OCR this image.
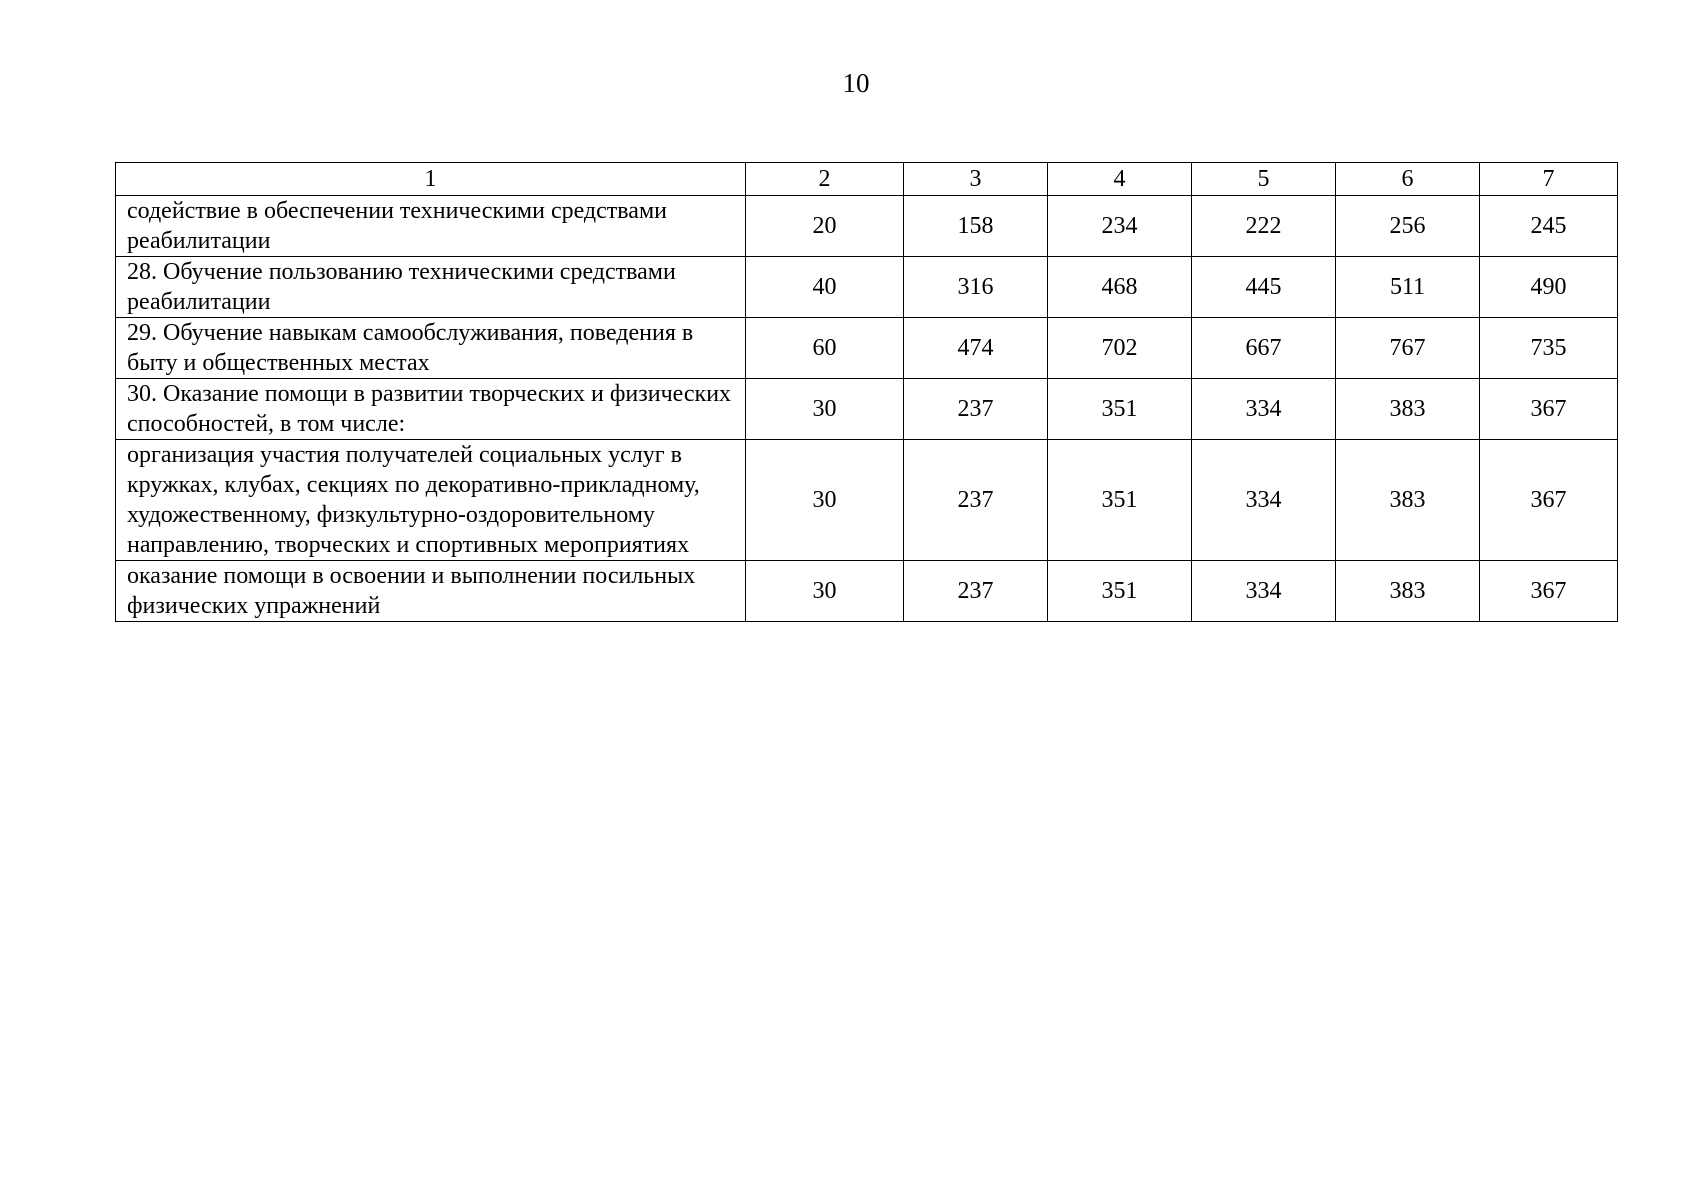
10
1	2	3	4	5	6	7
содействие в обеспечении техническими средствами реабилитации	20	158	234	222	256	245
28. Обучение пользованию техническими средствами реабилитации	40	316	468	445	511	490
29. Обучение навыкам самообслуживания, поведения в быту и общественных местах	60	474	702	667	767	735
30. Оказание помощи в развитии творческих и физических способностей, в том числе:	30	237	351	334	383	367
организация участия получателей социальных услуг в кружках, клубах, секциях по декоративно-прикладному, художественному, физкультурно-оздоровительному направлению, творческих и спортивных мероприятиях	30	237	351	334	383	367
оказание помощи в освоении и выполнении посильных физических упражнений	30	237	351	334	383	367
